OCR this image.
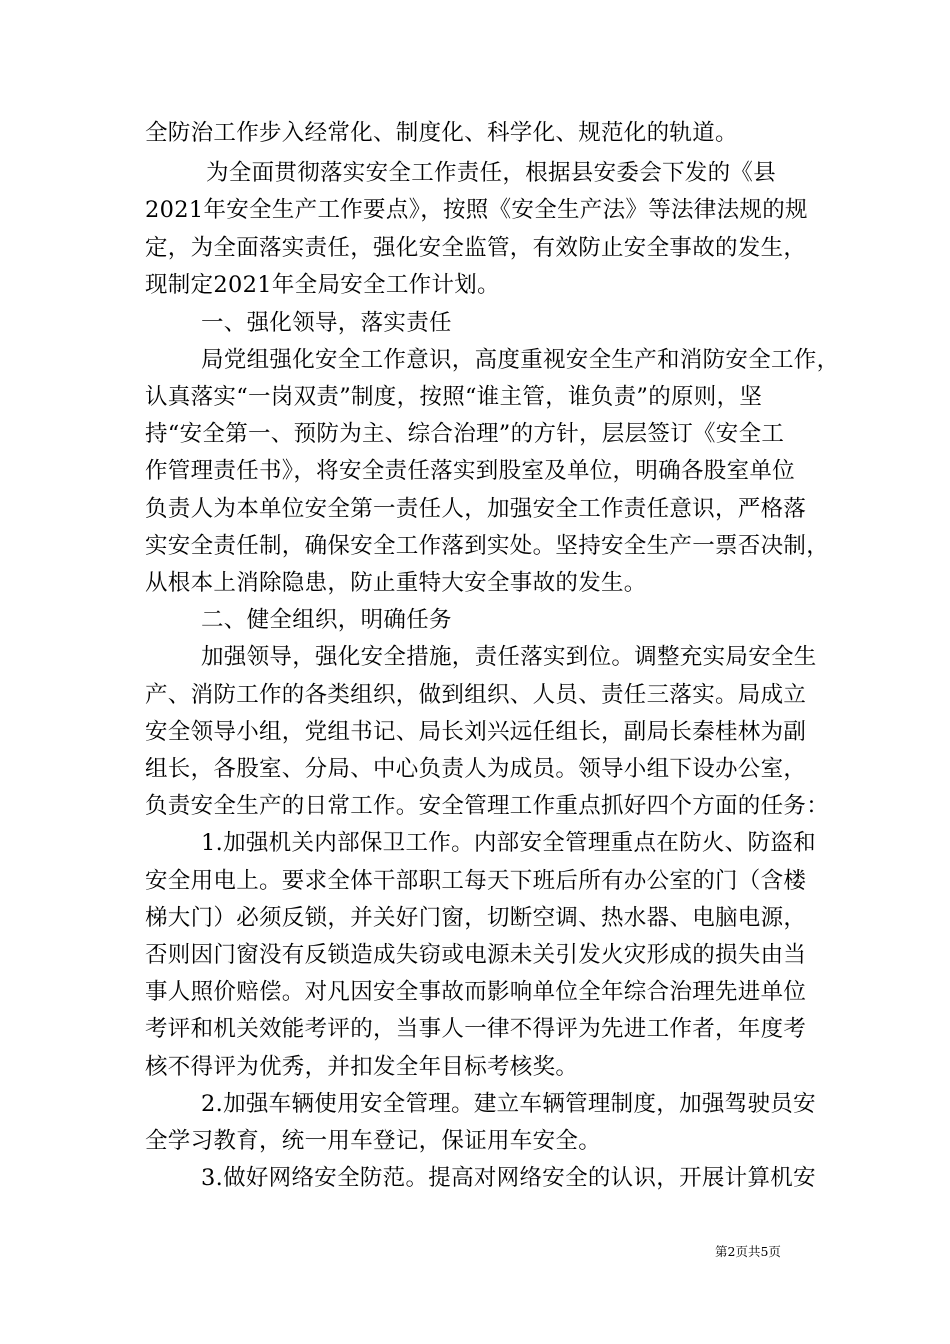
全防治工作步入经常化、制度化、科学化、规范化的轨道。
为全面贯彻落实安全工作责任，根据县安委会下发的《县
2021年安全生产工作要点》，按照《安全生产法》等法律法规的规
定，为全面落实责任，强化安全监管，有效防止安全事故的发生，
现制定2021年全局安全工作计划。
一、强化领导，落实责任
局党组强化安全工作意识，高度重视安全生产和消防安全工作，
认真落实“一岗双责”制度，按照“谁主管，谁负责”的原则，坚
持“安全第一、预防为主、综合治理”的方针，层层签订《安全工
作管理责任书》，将安全责任落实到股室及单位，明确各股室单位
负责人为本单位安全第一责任人，加强安全工作责任意识，严格落
实安全责任制，确保安全工作落到实处。坚持安全生产一票否决制，
从根本上消除隐患，防止重特大安全事故的发生。
二、健全组织，明确任务
加强领导，强化安全措施，责任落实到位。调整充实局安全生
产、消防工作的各类组织，做到组织、人员、责任三落实。局成立
安全领导小组，党组书记、局长刘兴远任组长，副局长秦桂林为副
组长，各股室、分局、中心负责人为成员。领导小组下设办公室，
负责安全生产的日常工作。安全管理工作重点抓好四个方面的任务：
1.加强机关内部保卫工作。内部安全管理重点在防火、防盗和
安全用电上。要求全体干部职工每天下班后所有办公室的门（含楼
梯大门）必须反锁，并关好门窗，切断空调、热水器、电脑电源，
否则因门窗没有反锁造成失窃或电源未关引发火灾形成的损失由当
事人照价赔偿。对凡因安全事故而影响单位全年综合治理先进单位
考评和机关效能考评的，当事人一律不得评为先进工作者，年度考
核不得评为优秀，并扣发全年目标考核奖。
2.加强车辆使用安全管理。建立车辆管理制度，加强驾驶员安
全学习教育，统一用车登记，保证用车安全。
3.做好网络安全防范。提高对网络安全的认识，开展计算机安
第2页共5页
